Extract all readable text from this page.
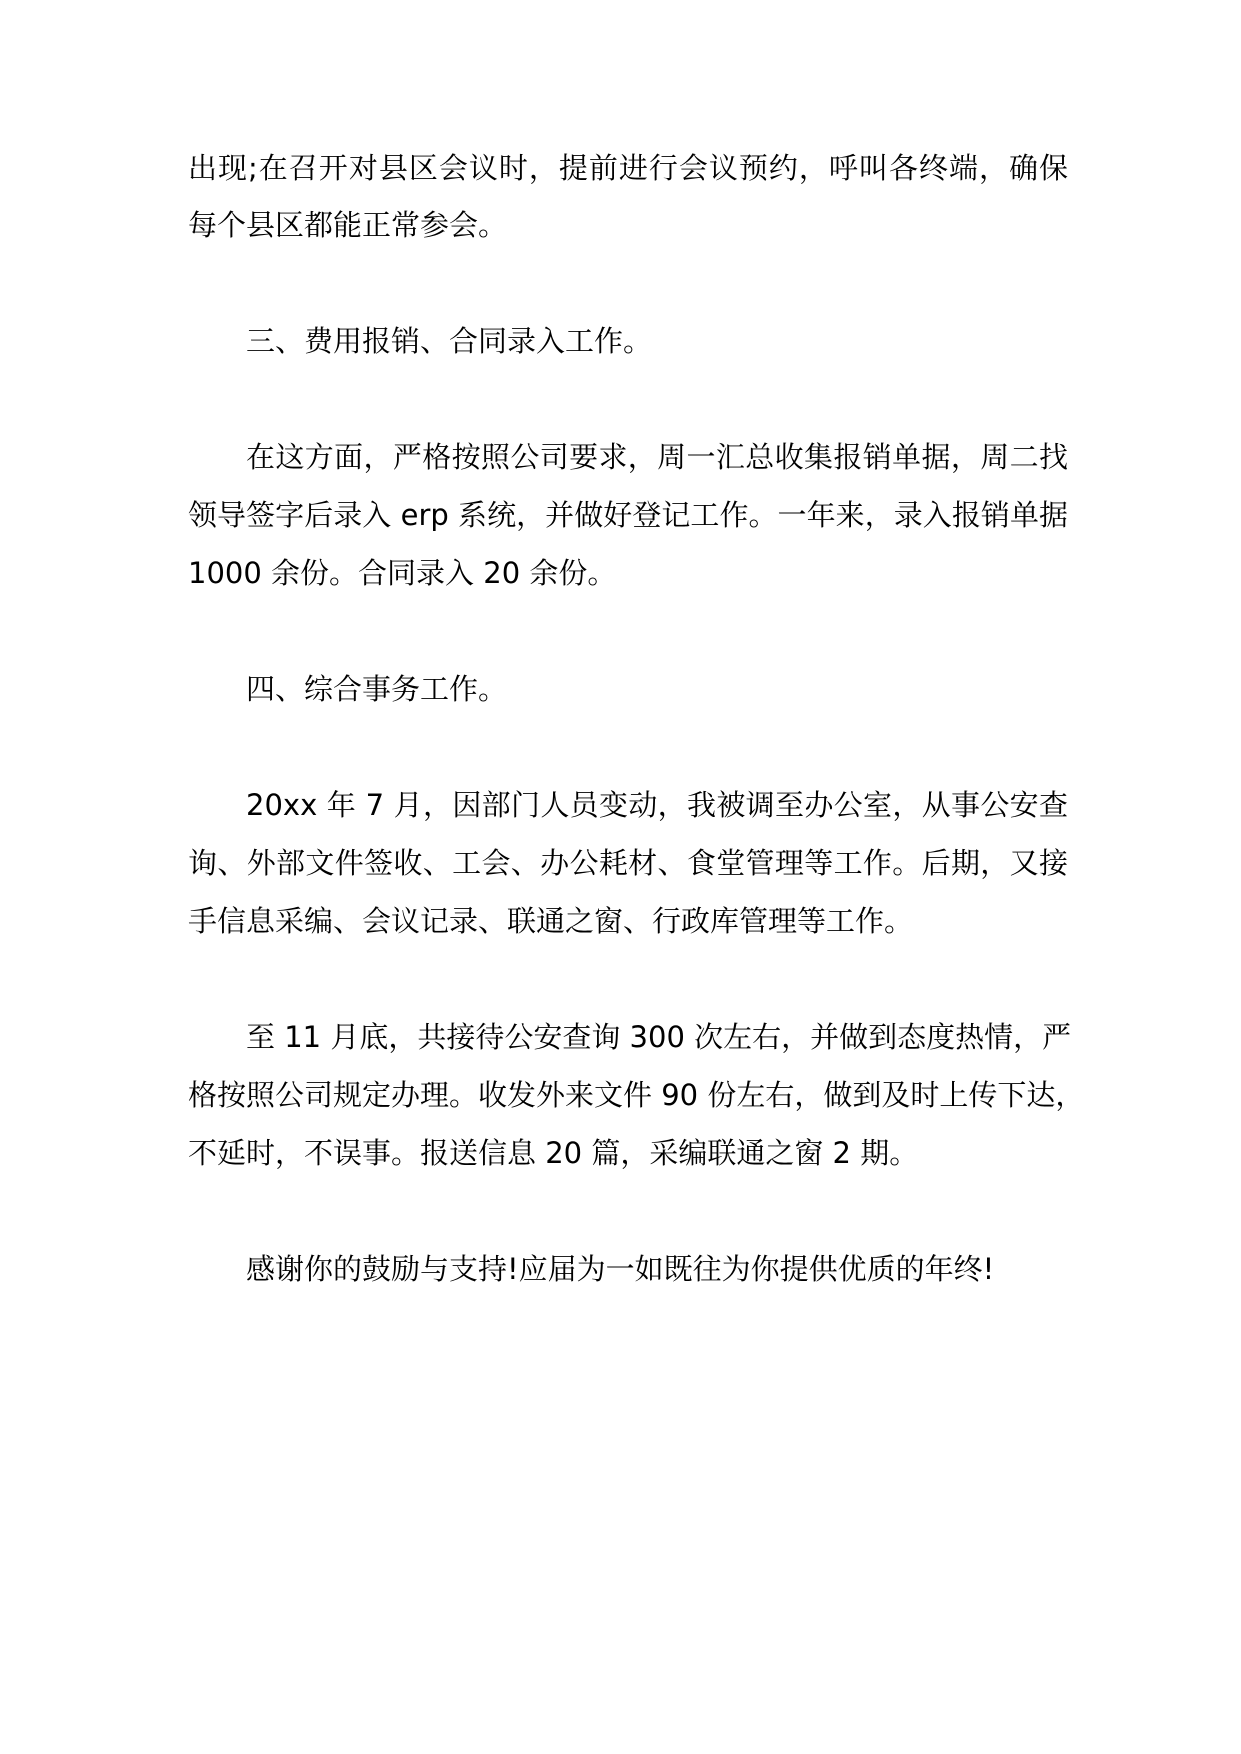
出现;在召开对县区会议时，提前进行会议预约，呼叫各终端，确保
每个县区都能正常参会。
三、费用报销、合同录入工作。
在这方面，严格按照公司要求，周一汇总收集报销单据，周二找
领导签字后录入 erp 系统，并做好登记工作。一年来，录入报销单据
1000 余份。合同录入 20 余份。
四、综合事务工作。
20xx 年 7 月，因部门人员变动，我被调至办公室，从事公安查
询、外部文件签收、工会、办公耗材、食堂管理等工作。后期，又接
手信息采编、会议记录、联通之窗、行政库管理等工作。
至 11 月底，共接待公安查询 300 次左右，并做到态度热情，严
格按照公司规定办理。收发外来文件 90 份左右，做到及时上传下达，
不延时，不误事。报送信息 20 篇，采编联通之窗 2 期。
感谢你的鼓励与支持!应届为一如既往为你提供优质的年终!
